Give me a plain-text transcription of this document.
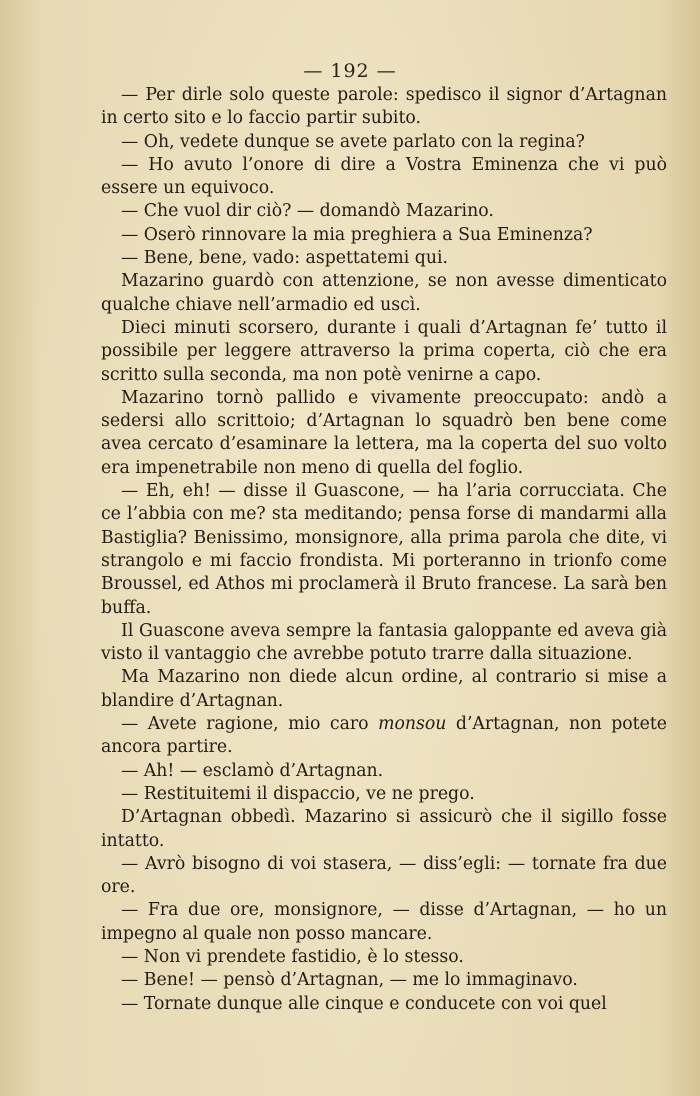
— 192 —

— Per dirle solo queste parole: spedisco il signor d’Artagnan in certo sito e lo faccio partir subito.

— Oh, vedete dunque se avete parlato con la regina?

— Ho avuto l’onore di dire a Vostra Eminenza che vi può essere un equivoco.

— Che vuol dir ciò? — domandò Mazarino.

— Oserò rinnovare la mia preghiera a Sua Eminenza?

— Bene, bene, vado: aspettatemi qui.

Mazarino guardò con attenzione, se non avesse dimenticato qualche chiave nell’armadio ed uscì.

Dieci minuti scorsero, durante i quali d’Artagnan fe’ tutto il possibile per leggere attraverso la prima coperta, ciò che era scritto sulla seconda, ma non potè venirne a capo.

Mazarino tornò pallido e vivamente preoccupato: andò a sedersi allo scrittoio; d’Artagnan lo squadrò ben bene come avea cercato d’esaminare la lettera, ma la coperta del suo volto era impenetrabile non meno di quella del foglio.

— Eh, eh! — disse il Guascone, — ha l’aria corrucciata. Che ce l’abbia con me? sta meditando; pensa forse di mandarmi alla Bastiglia? Benissimo, monsignore, alla prima parola che dite, vi strangolo e mi faccio frondista. Mi porteranno in trionfo come Broussel, ed Athos mi proclamerà il Bruto francese. La sarà ben buffa.

Il Guascone aveva sempre la fantasia galoppante ed aveva già visto il vantaggio che avrebbe potuto trarre dalla situazione.

Ma Mazarino non diede alcun ordine, al contrario si mise a blandire d’Artagnan.

— Avete ragione, mio caro monsou d’Artagnan, non potete ancora partire.

— Ah! — esclamò d’Artagnan.

— Restituitemi il dispaccio, ve ne prego.

D’Artagnan obbedì. Mazarino si assicurò che il sigillo fosse intatto.

— Avrò bisogno di voi stasera, — diss’egli: — tornate fra due ore.

— Fra due ore, monsignore, — disse d’Artagnan, — ho un impegno al quale non posso mancare.

— Non vi prendete fastidio, è lo stesso.

— Bene! — pensò d’Artagnan, — me lo immaginavo.

— Tornate dunque alle cinque e conducete con voi quel
